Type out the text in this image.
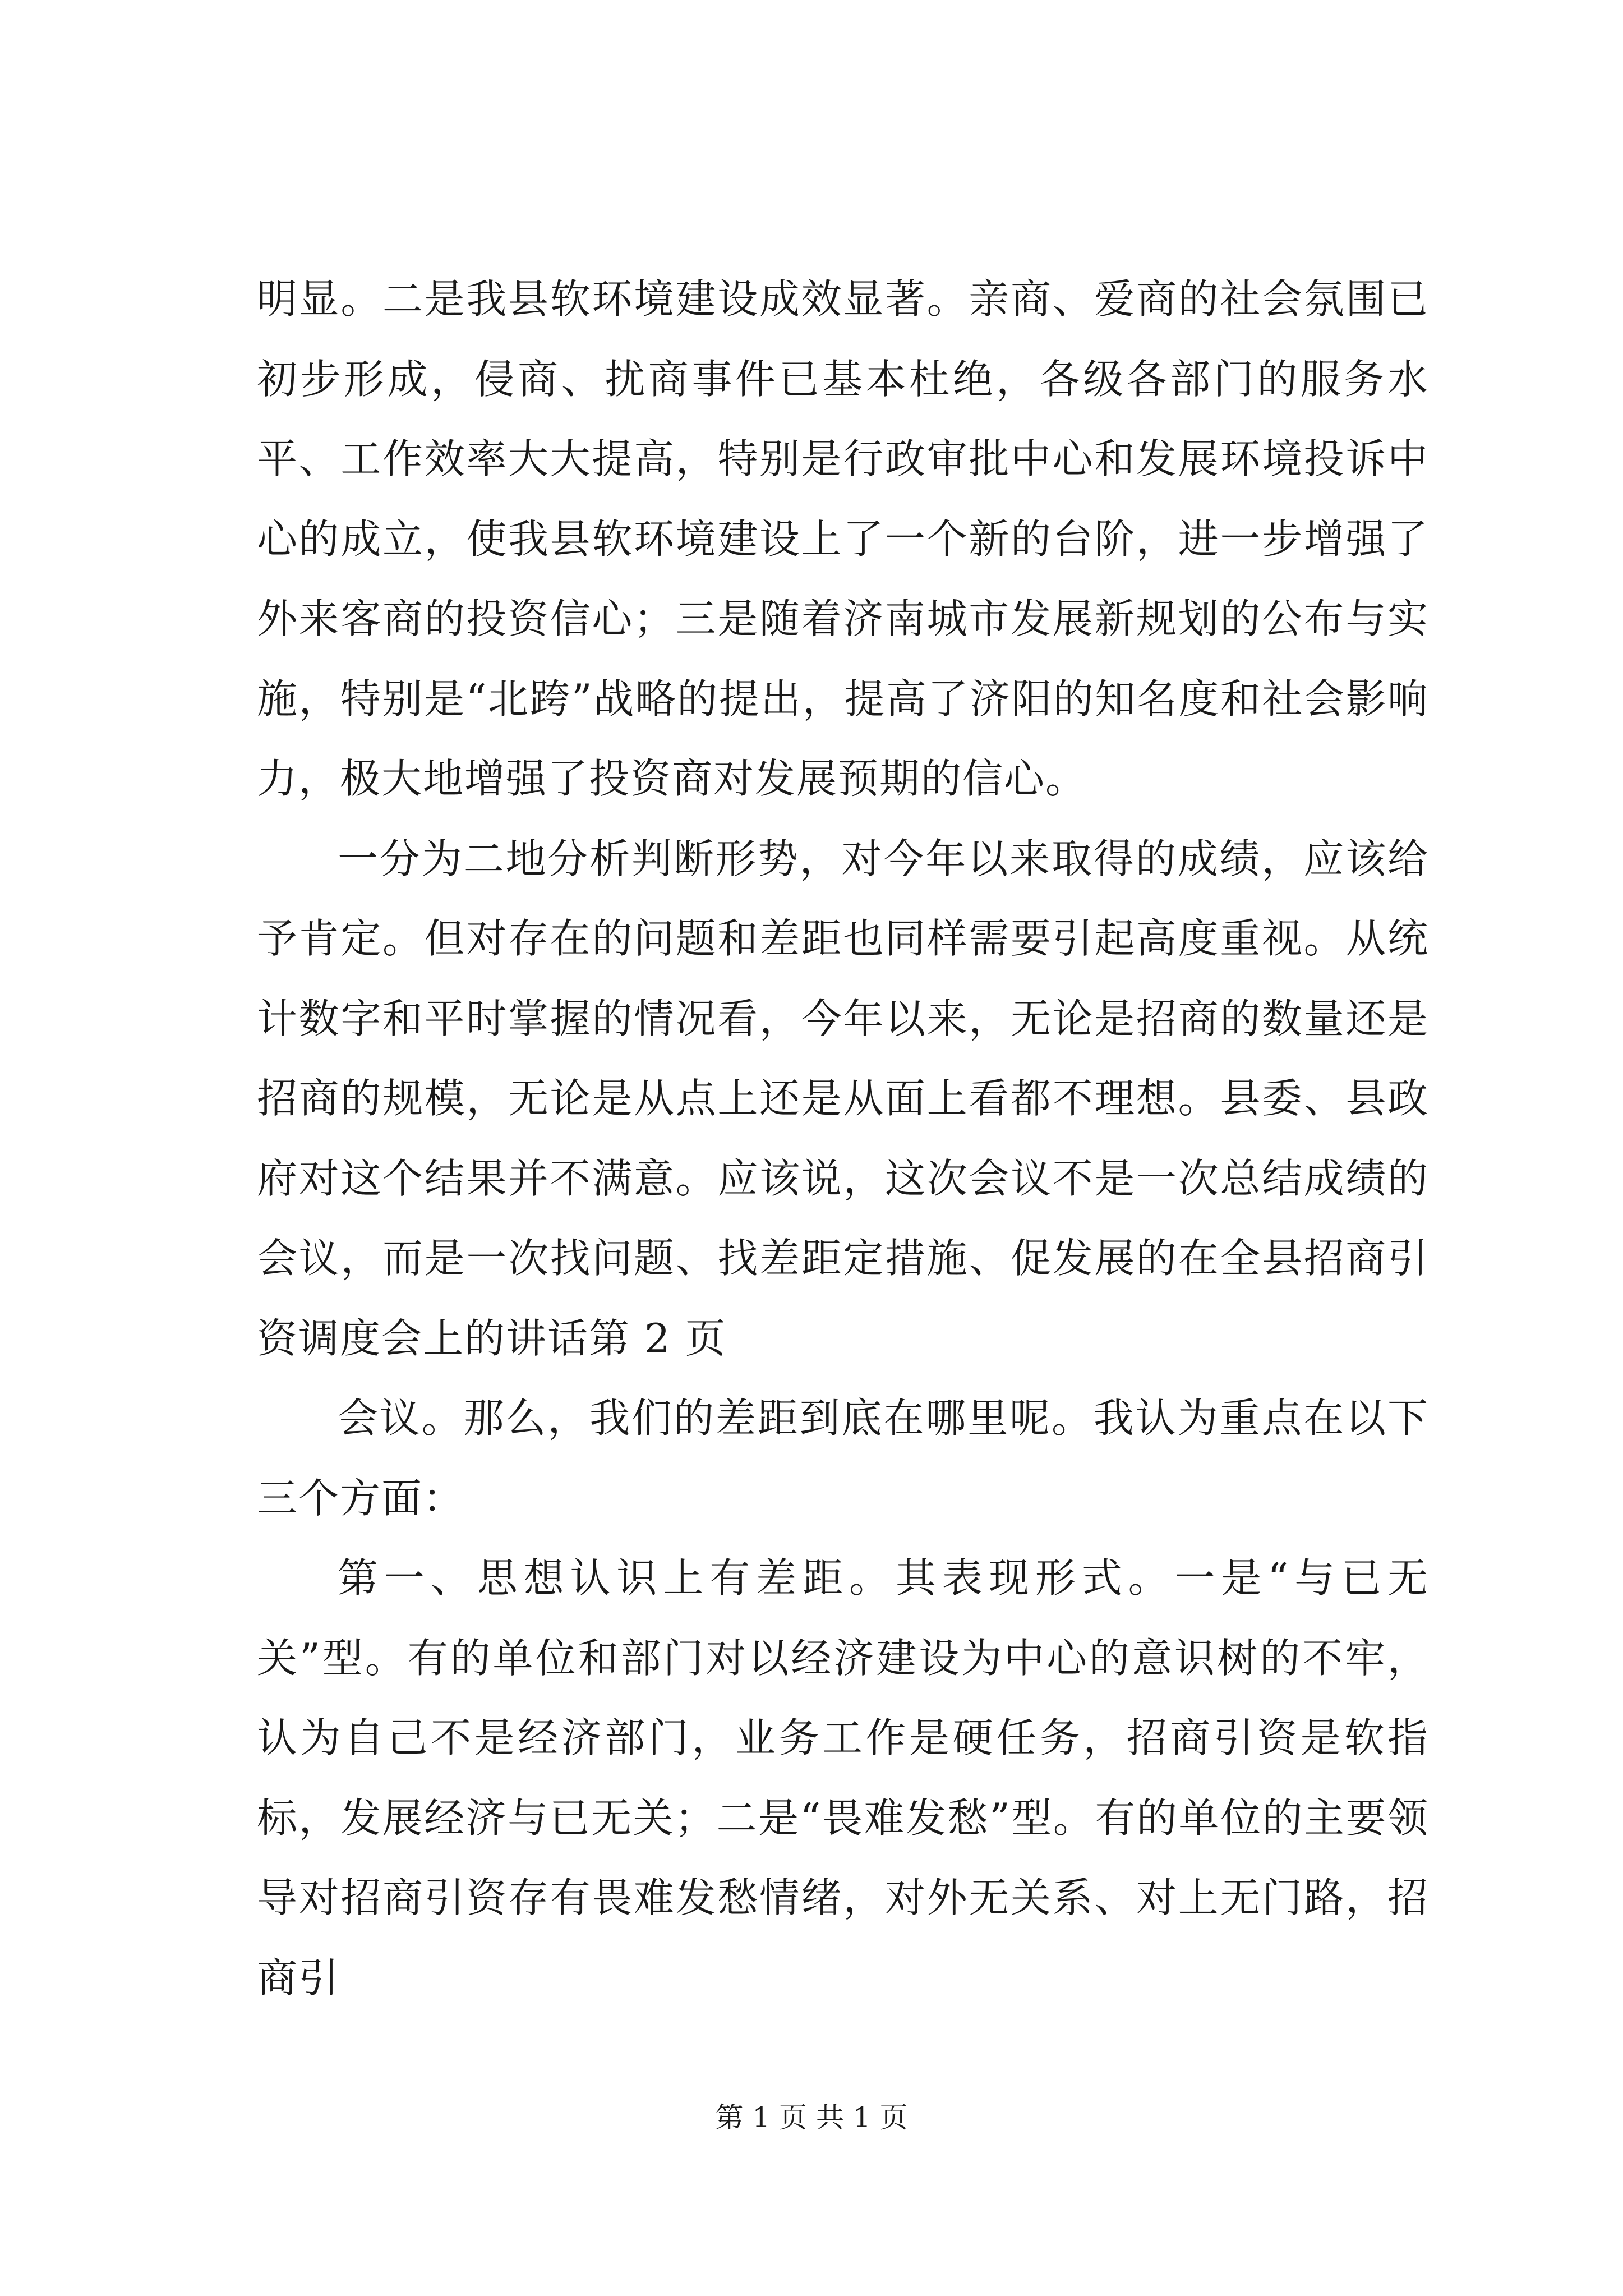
明显。二是我县软环境建设成效显著。亲商、爱商的社会氛围已初步形成，侵商、扰商事件已基本杜绝，各级各部门的服务水平、工作效率大大提高，特别是行政审批中心和发展环境投诉中心的成立，使我县软环境建设上了一个新的台阶，进一步增强了外来客商的投资信心；三是随着济南城市发展新规划的公布与实施，特别是“北跨”战略的提出，提高了济阳的知名度和社会影响力，极大地增强了投资商对发展预期的信心。

一分为二地分析判断形势，对今年以来取得的成绩，应该给予肯定。但对存在的问题和差距也同样需要引起高度重视。从统计数字和平时掌握的情况看，今年以来，无论是招商的数量还是招商的规模，无论是从点上还是从面上看都不理想。县委、县政府对这个结果并不满意。应该说，这次会议不是一次总结成绩的会议，而是一次找问题、找差距定措施、促发展的在全县招商引资调度会上的讲话第 2 页

会议。那么，我们的差距到底在哪里呢。我认为重点在以下三个方面：

第一、思想认识上有差距。其表现形式。一是“与已无关”型。有的单位和部门对以经济建设为中心的意识树的不牢，认为自己不是经济部门，业务工作是硬任务，招商引资是软指标，发展经济与已无关；二是“畏难发愁”型。有的单位的主要领导对招商引资存有畏难发愁情绪，对外无关系、对上无门路，招商引

第 1 页 共 1 页
